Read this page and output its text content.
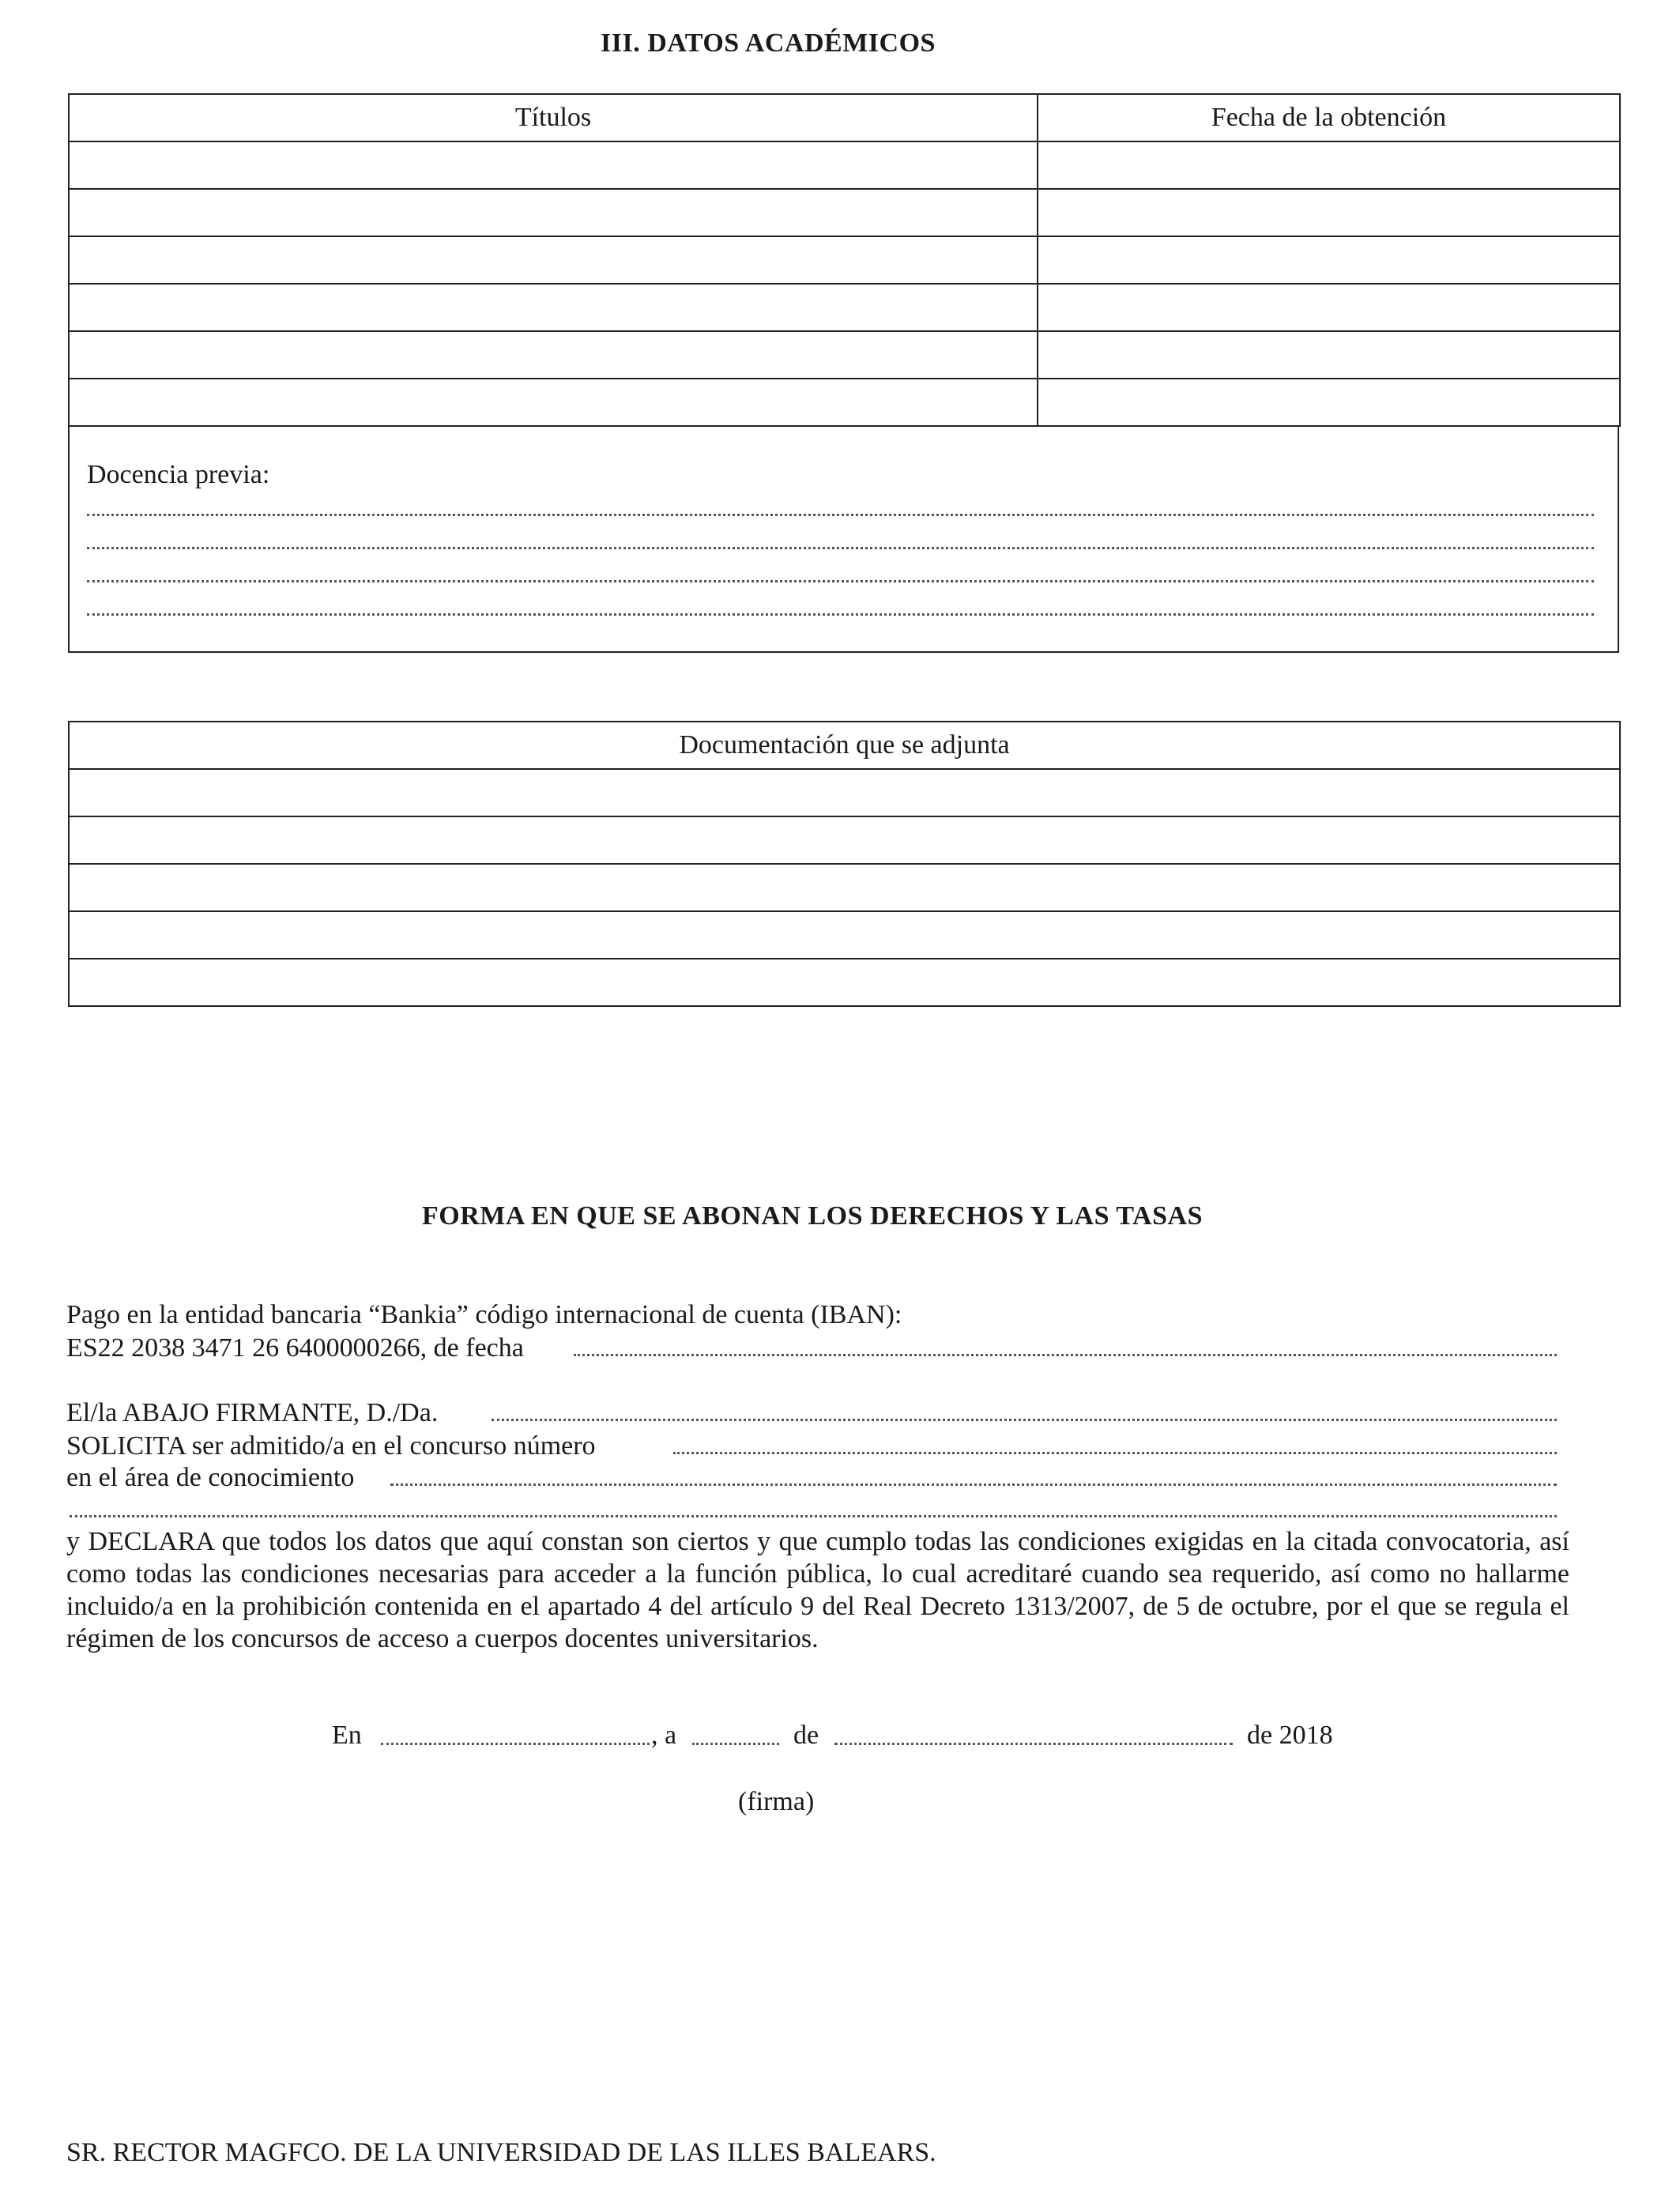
III. DATOS ACADÉMICOS
Títulos	Fecha de la obtención

Docencia previa:
Documentación que se adjunta

FORMA EN QUE SE ABONAN LOS DERECHOS Y LAS TASAS
Pago en la entidad bancaria “Bankia” código internacional de cuenta (IBAN):
ES22 2038 3471 26 6400000266, de fecha
El/la ABAJO FIRMANTE, D./Da.
SOLICITA ser admitido/a en el concurso número
en el área de conocimiento
y DECLARA que todos los datos que aquí constan son ciertos y que cumplo todas las condiciones exigidas en la citada convocatoria, así como todas las condiciones necesarias para acceder a la función pública, lo cual acreditaré cuando sea requerido, así como no hallarme incluido/a en la prohibición contenida en el apartado 4 del artículo 9 del Real Decreto 1313/2007, de 5 de octubre, por el que se regula el régimen de los concursos de acceso a cuerpos docentes universitarios.
En	, a	de	de 2018
(firma)
SR. RECTOR MAGFCO. DE LA UNIVERSIDAD DE LAS ILLES BALEARS.
